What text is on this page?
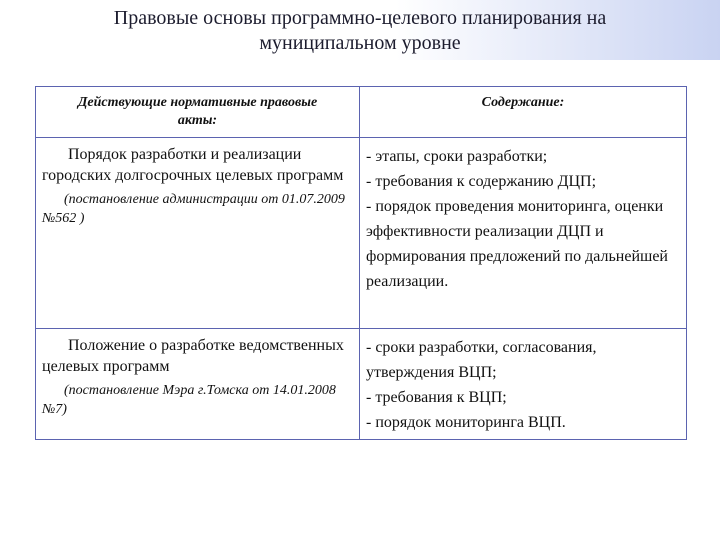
Правовые основы программно-целевого планирования на
муниципальном уровне
Действующие нормативные правовые акты:
Содержание:
Порядок разработки и реализации городских долгосрочных целевых программ
(постановление администрации от 01.07.2009 №562 )
- этапы, сроки разработки;
- требования к содержанию ДЦП;
- порядок проведения мониторинга, оценки эффективности реализации ДЦП и формирования предложений по дальнейшей реализации.
Положение о разработке ведомственных целевых программ
(постановление Мэра г.Томска от 14.01.2008 №7)
- сроки разработки, согласования, утверждения ВЦП;
- требования к ВЦП;
- порядок мониторинга ВЦП.
